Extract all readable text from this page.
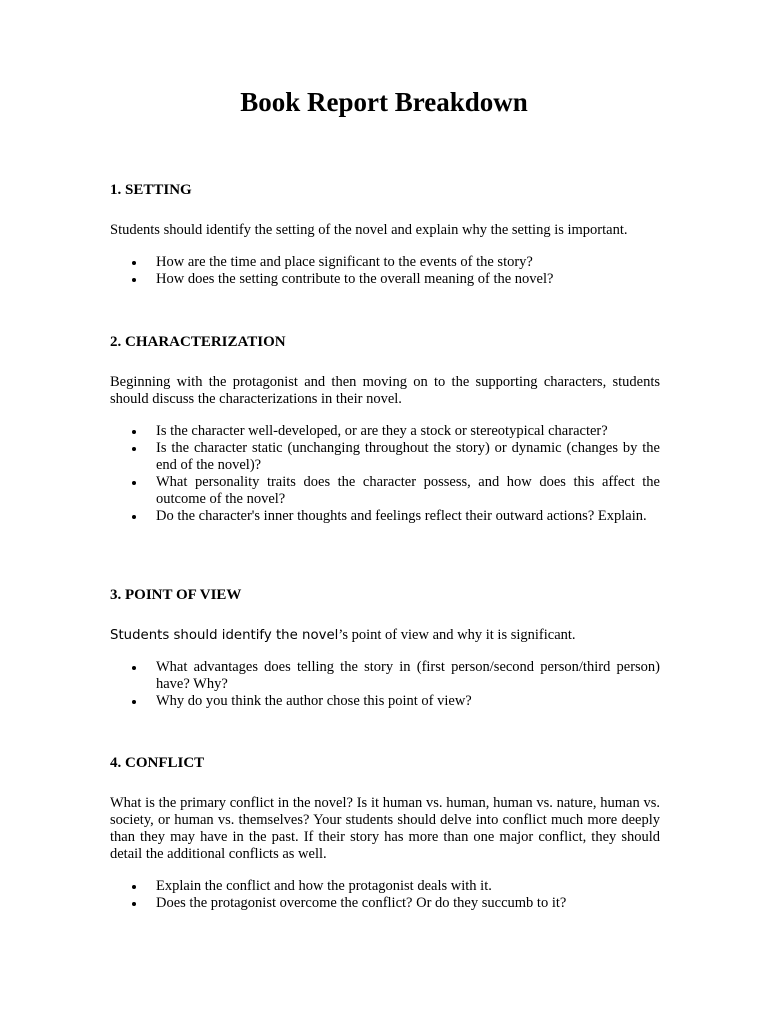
Book Report Breakdown
1. SETTING

Students should identify the setting of the novel and explain why the setting is important.

How are the time and place significant to the events of the story?
How does the setting contribute to the overall meaning of the novel?
2. CHARACTERIZATION

Beginning with the protagonist and then moving on to the supporting characters, students should discuss the characterizations in their novel.

Is the character well-developed, or are they a stock or stereotypical character?
Is the character static (unchanging throughout the story) or dynamic (changes by the end of the novel)?
What personality traits does the character possess, and how does this affect the outcome of the novel?
Do the character's inner thoughts and feelings reflect their outward actions? Explain.
3. POINT OF VIEW

Students should identify the novel’s point of view and why it is significant.

What advantages does telling the story in (first person/second person/third person) have? Why?
Why do you think the author chose this point of view?
4. CONFLICT

What is the primary conflict in the novel? Is it human vs. human, human vs. nature, human vs. society, or human vs. themselves? Your students should delve into conflict much more deeply than they may have in the past. If their story has more than one major conflict, they should detail the additional conflicts as well.

Explain the conflict and how the protagonist deals with it.
Does the protagonist overcome the conflict? Or do they succumb to it?
